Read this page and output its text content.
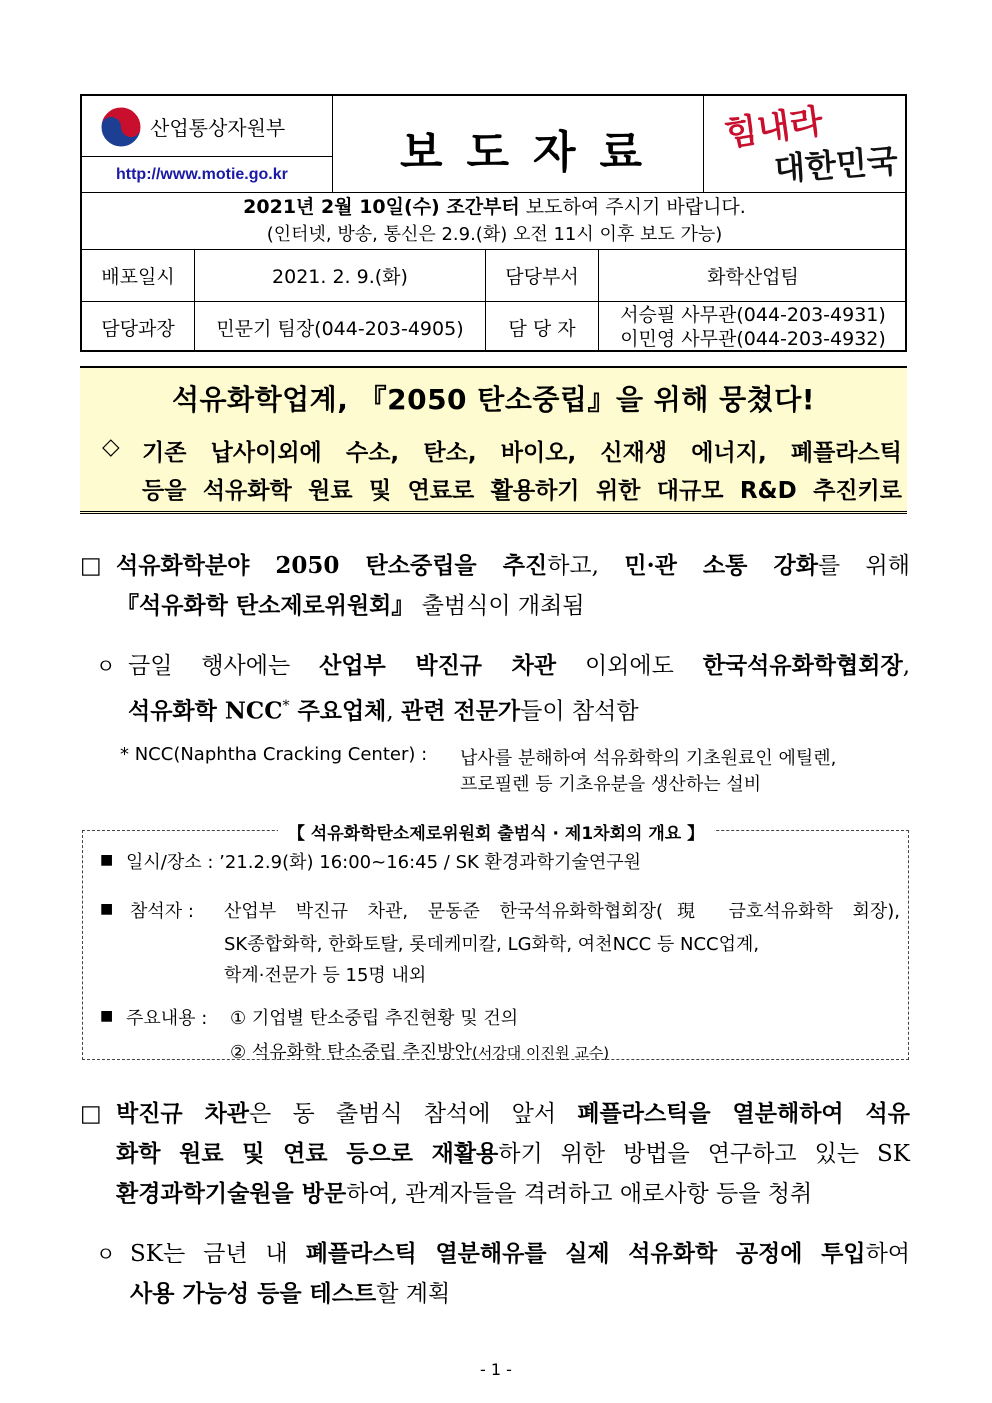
산업통상자원부
http://www.motie.go.kr	보도자료 힘내라
대한민국
2021년 2월 10일(수) 조간부터 보도하여 주시기 바랍니다.
(인터넷, 방송, 통신은 2.9.(화) 오전 11시 이후 보도 가능)
배포일시	2021. 2. 9.(화)	담당부서	화학산업팀
담당과장	민문기 팀장(044-203-4905)	담 당 자
서승필 사무관(044-203-4931)
이민영 사무관(044-203-4932)
석유화학업계, 『2050 탄소중립』을 위해 뭉쳤다!
◇ 기존 납사이외에 수소, 탄소, 바이오, 신재생 에너지, 폐플라스틱
등을 석유화학 원료 및 연료로 활용하기 위한 대규모 R&D 추진키로
□ 석유화학분야 2050 탄소중립을 추진하고, 민·관 소통 강화를 위해
『석유화학 탄소제로위원회』 출범식이 개최됨
ㅇ 금일 행사에는 산업부 박진규 차관 이외에도 한국석유화학협회장,
석유화학 NCC* 주요업체, 관련 전문가들이 참석함
* NCC(Naphtha Cracking Center) : 납사를 분해하여 석유화학의 기초원료인 에틸렌,
프로필렌 등 기초유분을 생산하는 설비
【 석유화학탄소제로위원회 출범식 · 제1차회의 개요 】
■ 일시/장소 : ’21.2.9(화) 16:00~16:45 / SK 환경과학기술연구원
■ 참석자 : 산업부 박진규 차관, 문동준 한국석유화학협회장(現 금호석유화학 회장),
SK종합화학, 한화토탈, 롯데케미칼, LG화학, 여천NCC 등 NCC업계,
학계·전문가 등 15명 내외
■ 주요내용 : ① 기업별 탄소중립 추진현황 및 건의
② 석유화학 탄소중립 추진방안(서강대 이진원 교수)
□ 박진규 차관은 동 출범식 참석에 앞서 폐플라스틱을 열분해하여 석유
화학 원료 및 연료 등으로 재활용하기 위한 방법을 연구하고 있는 SK
환경과학기술원을 방문하여, 관계자들을 격려하고 애로사항 등을 청취
ㅇ SK는 금년 내 폐플라스틱 열분해유를 실제 석유화학 공정에 투입하여
사용 가능성 등을 테스트할 계획
- 1 -
